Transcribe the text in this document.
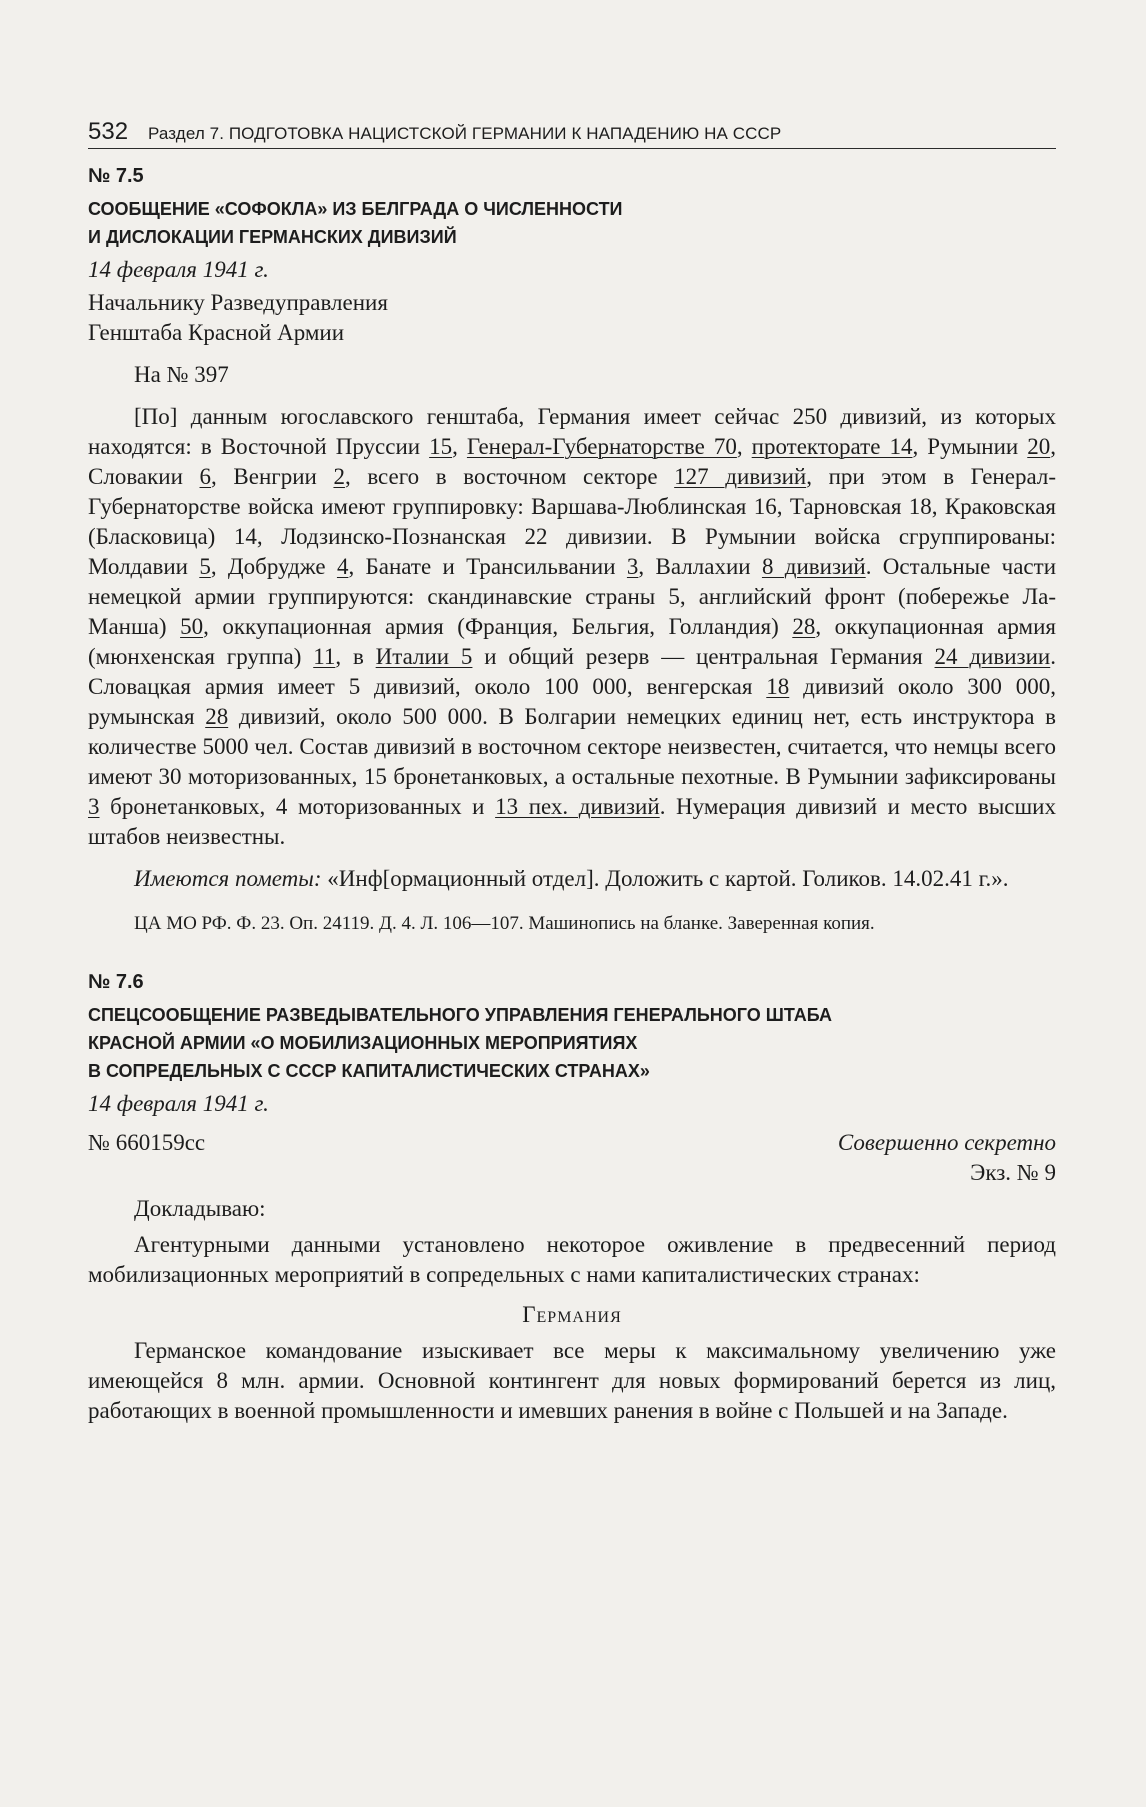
532 Раздел 7. ПОДГОТОВКА НАЦИСТСКОЙ ГЕРМАНИИ К НАПАДЕНИЮ НА СССР
№ 7.5
СООБЩЕНИЕ «СОФОКЛА» ИЗ БЕЛГРАДА О ЧИСЛЕННОСТИ
И ДИСЛОКАЦИИ ГЕРМАНСКИХ ДИВИЗИЙ
14 февраля 1941 г.
Начальнику Разведуправления
Генштаба Красной Армии
На № 397

[По] данным югославского генштаба, Германия имеет сейчас 250 дивизий, из которых находятся: в Восточной Пруссии 15, Генерал-Губернаторстве 70, протекторате 14, Румынии 20, Словакии 6, Венгрии 2, всего в восточном секторе 127 дивизий, при этом в Генерал-Губернаторстве войска имеют группировку: Варшава-Люблинская 16, Тарновская 18, Краковская (Бласковица) 14, Лодзинско-Познанская 22 дивизии. В Румынии войска сгруппированы: Молдавии 5, Добрудже 4, Банате и Трансильвании 3, Валлахии 8 дивизий. Остальные части немецкой армии группируются: скандинавские страны 5, английский фронт (побережье Ла-Манша) 50, оккупационная армия (Франция, Бельгия, Голландия) 28, оккупационная армия (мюнхенская группа) 11, в Италии 5 и общий резерв — центральная Германия 24 дивизии. Словацкая армия имеет 5 дивизий, около 100 000, венгерская 18 дивизий около 300 000, румынская 28 дивизий, около 500 000. В Болгарии немецких единиц нет, есть инструктора в количестве 5000 чел. Состав дивизий в восточном секторе неизвестен, считается, что немцы всего имеют 30 моторизованных, 15 бронетанковых, а остальные пехотные. В Румынии зафиксированы 3 бронетанковых, 4 моторизованных и 13 пех. дивизий. Нумерация дивизий и место высших штабов неизвестны.

Имеются пометы: «Инф[ормационный отдел]. Доложить с картой. Голиков. 14.02.41 г.».

ЦА МО РФ. Ф. 23. Оп. 24119. Д. 4. Л. 106—107. Машинопись на бланке. Заверенная копия.

№ 7.6
СПЕЦСООБЩЕНИЕ РАЗВЕДЫВАТЕЛЬНОГО УПРАВЛЕНИЯ ГЕНЕРАЛЬНОГО ШТАБА
КРАСНОЙ АРМИИ «О МОБИЛИЗАЦИОННЫХ МЕРОПРИЯТИЯХ
В СОПРЕДЕЛЬНЫХ С СССР КАПИТАЛИСТИЧЕСКИХ СТРАНАХ»
14 февраля 1941 г.
№ 660159сс	Совершенно секретно
Экз. № 9
Докладываю:

Агентурными данными установлено некоторое оживление в предвесенний период мобилизационных мероприятий в сопредельных с нами капиталистических странах:

Германия

Германское командование изыскивает все меры к максимальному увеличению уже имеющейся 8 млн. армии. Основной контингент для новых формирований берется из лиц, работающих в военной промышленности и имевших ранения в войне с Польшей и на Западе.
